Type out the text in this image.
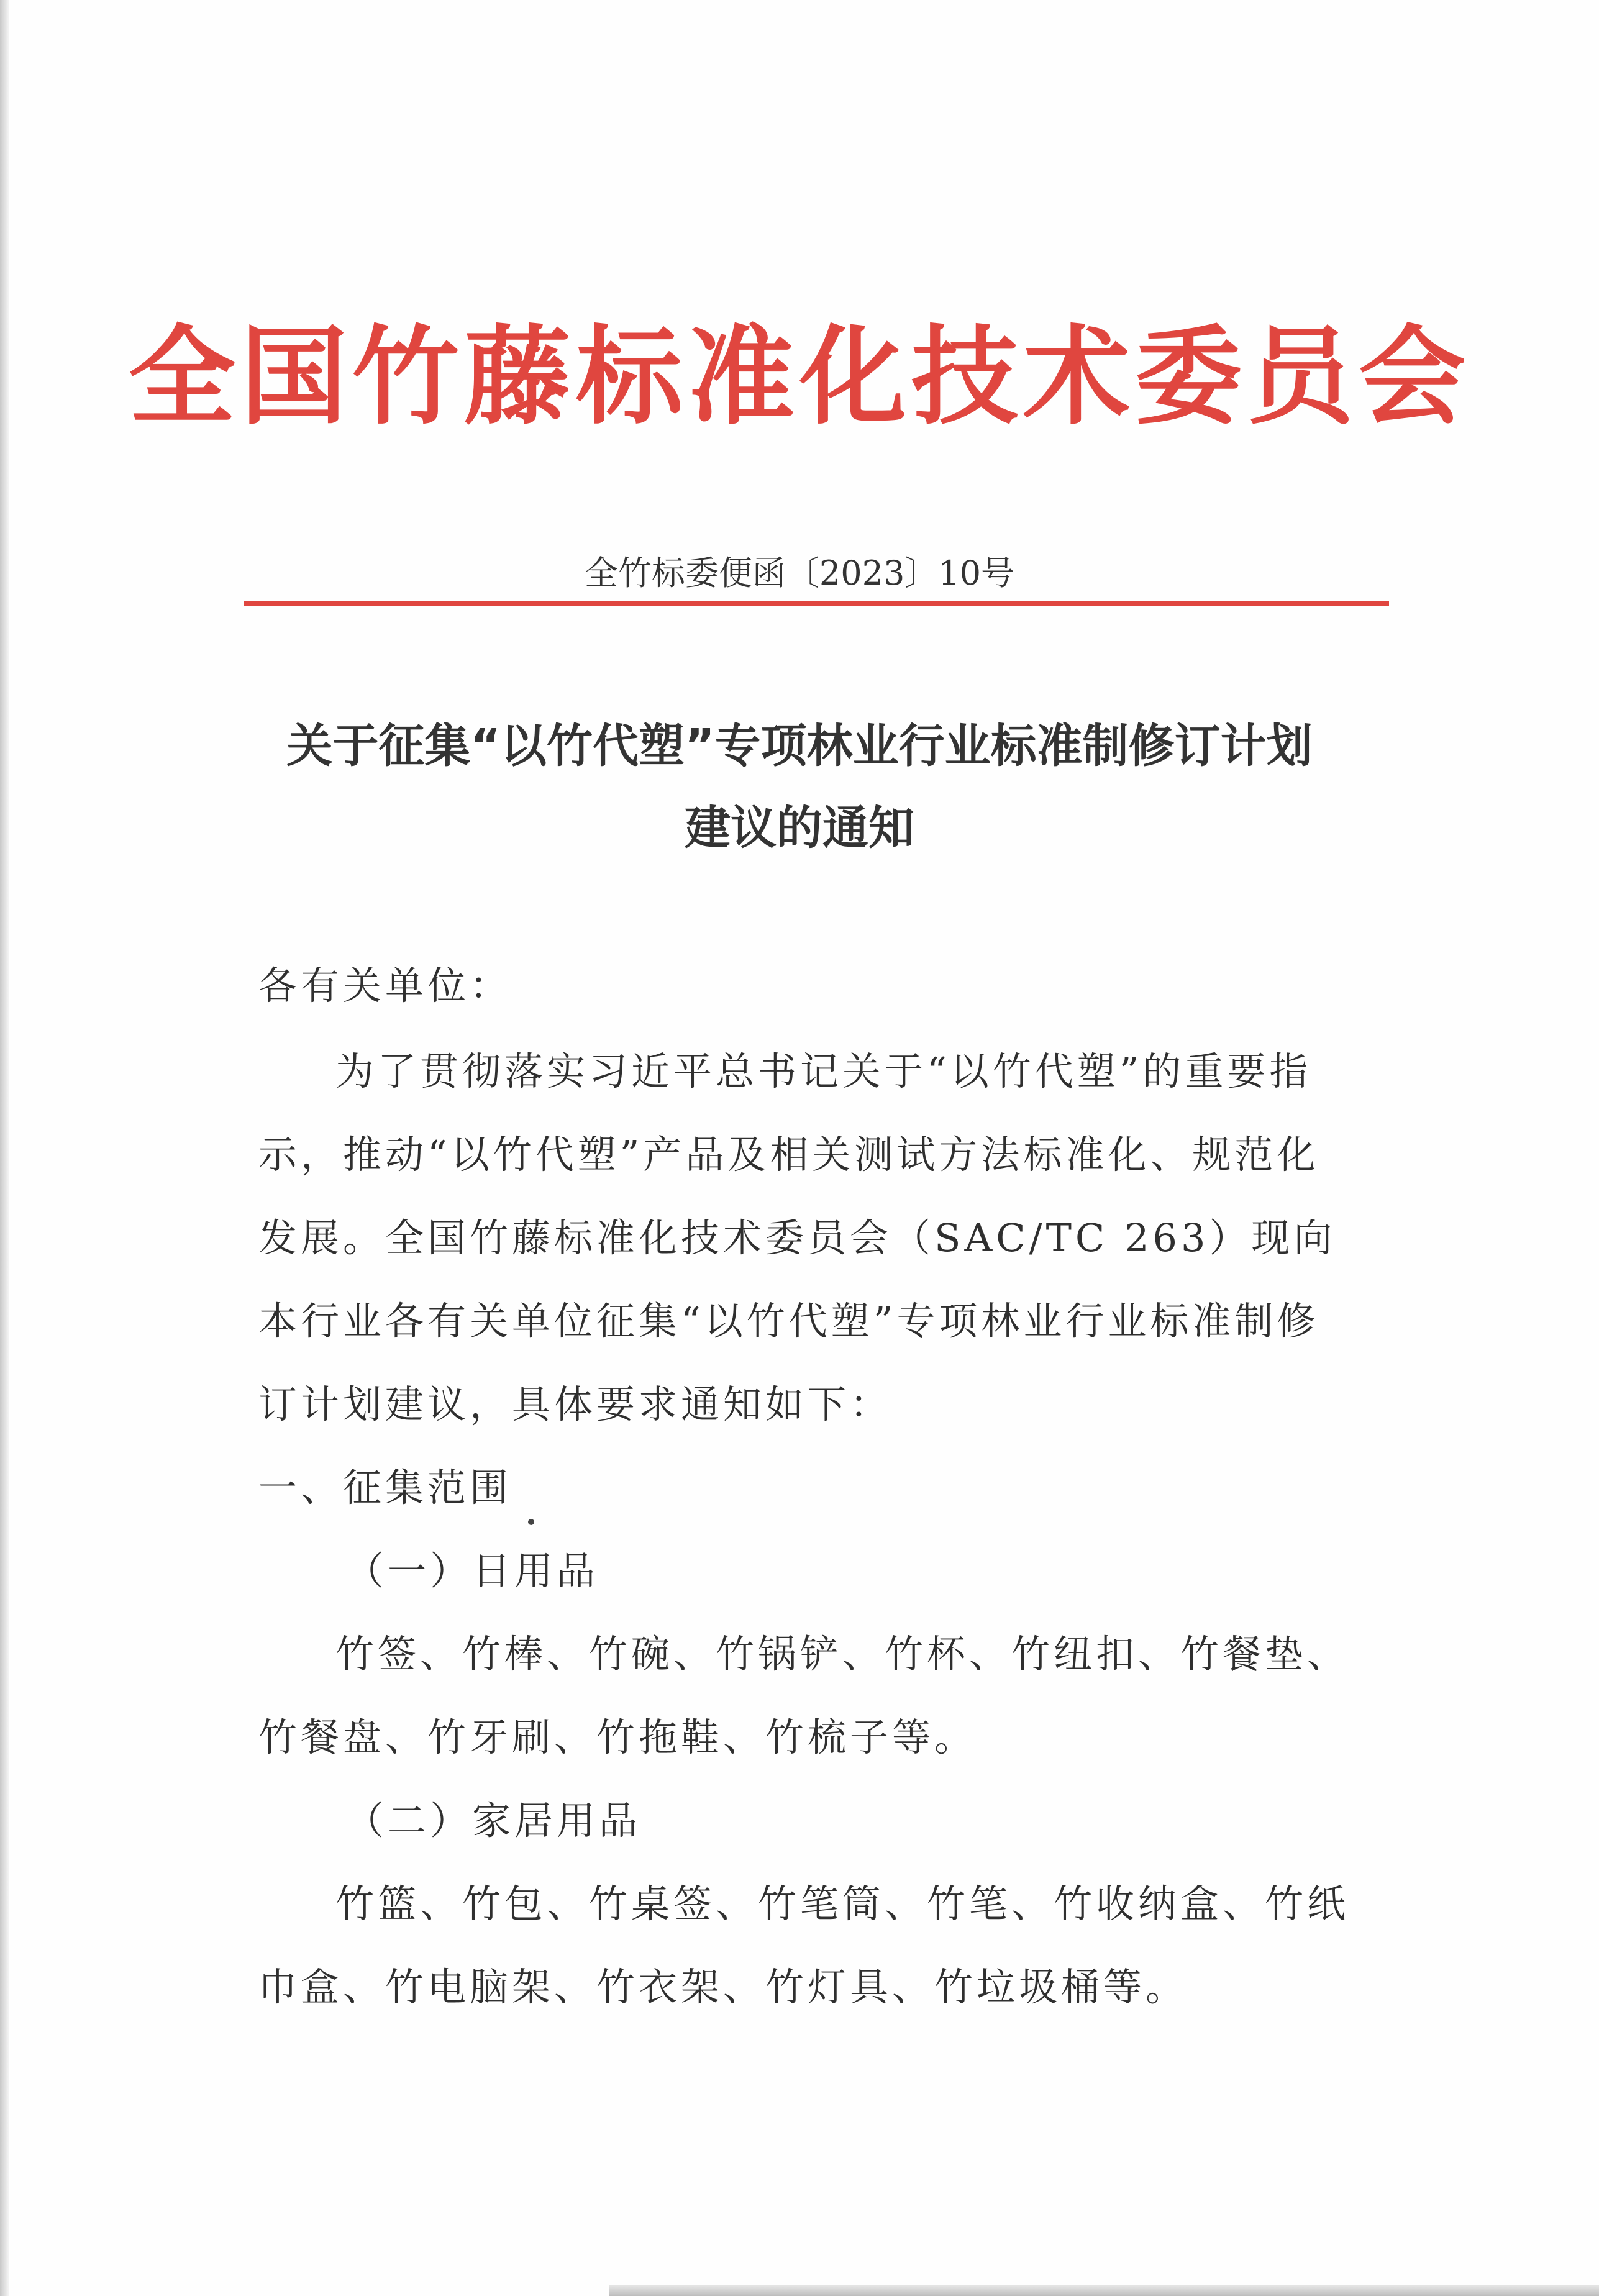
全国竹藤标准化技术委员会
全竹标委便函〔2023〕10号
关于征集“以竹代塑”专项林业行业标准制修订计划
建议的通知

各有关单位：

为了贯彻落实习近平总书记关于“以竹代塑”的重要指示，推动“以竹代塑”产品及相关测试方法标准化、规范化发展。全国竹藤标准化技术委员会（SAC/TC 263）现向本行业各有关单位征集“以竹代塑”专项林业行业标准制修订计划建议，具体要求通知如下：

一、征集范围

（一）日用品

竹签、竹棒、竹碗、竹锅铲、竹杯、竹纽扣、竹餐垫、竹餐盘、竹牙刷、竹拖鞋、竹梳子等。

（二）家居用品

竹篮、竹包、竹桌签、竹笔筒、竹笔、竹收纳盒、竹纸巾盒、竹电脑架、竹衣架、竹灯具、竹垃圾桶等。
